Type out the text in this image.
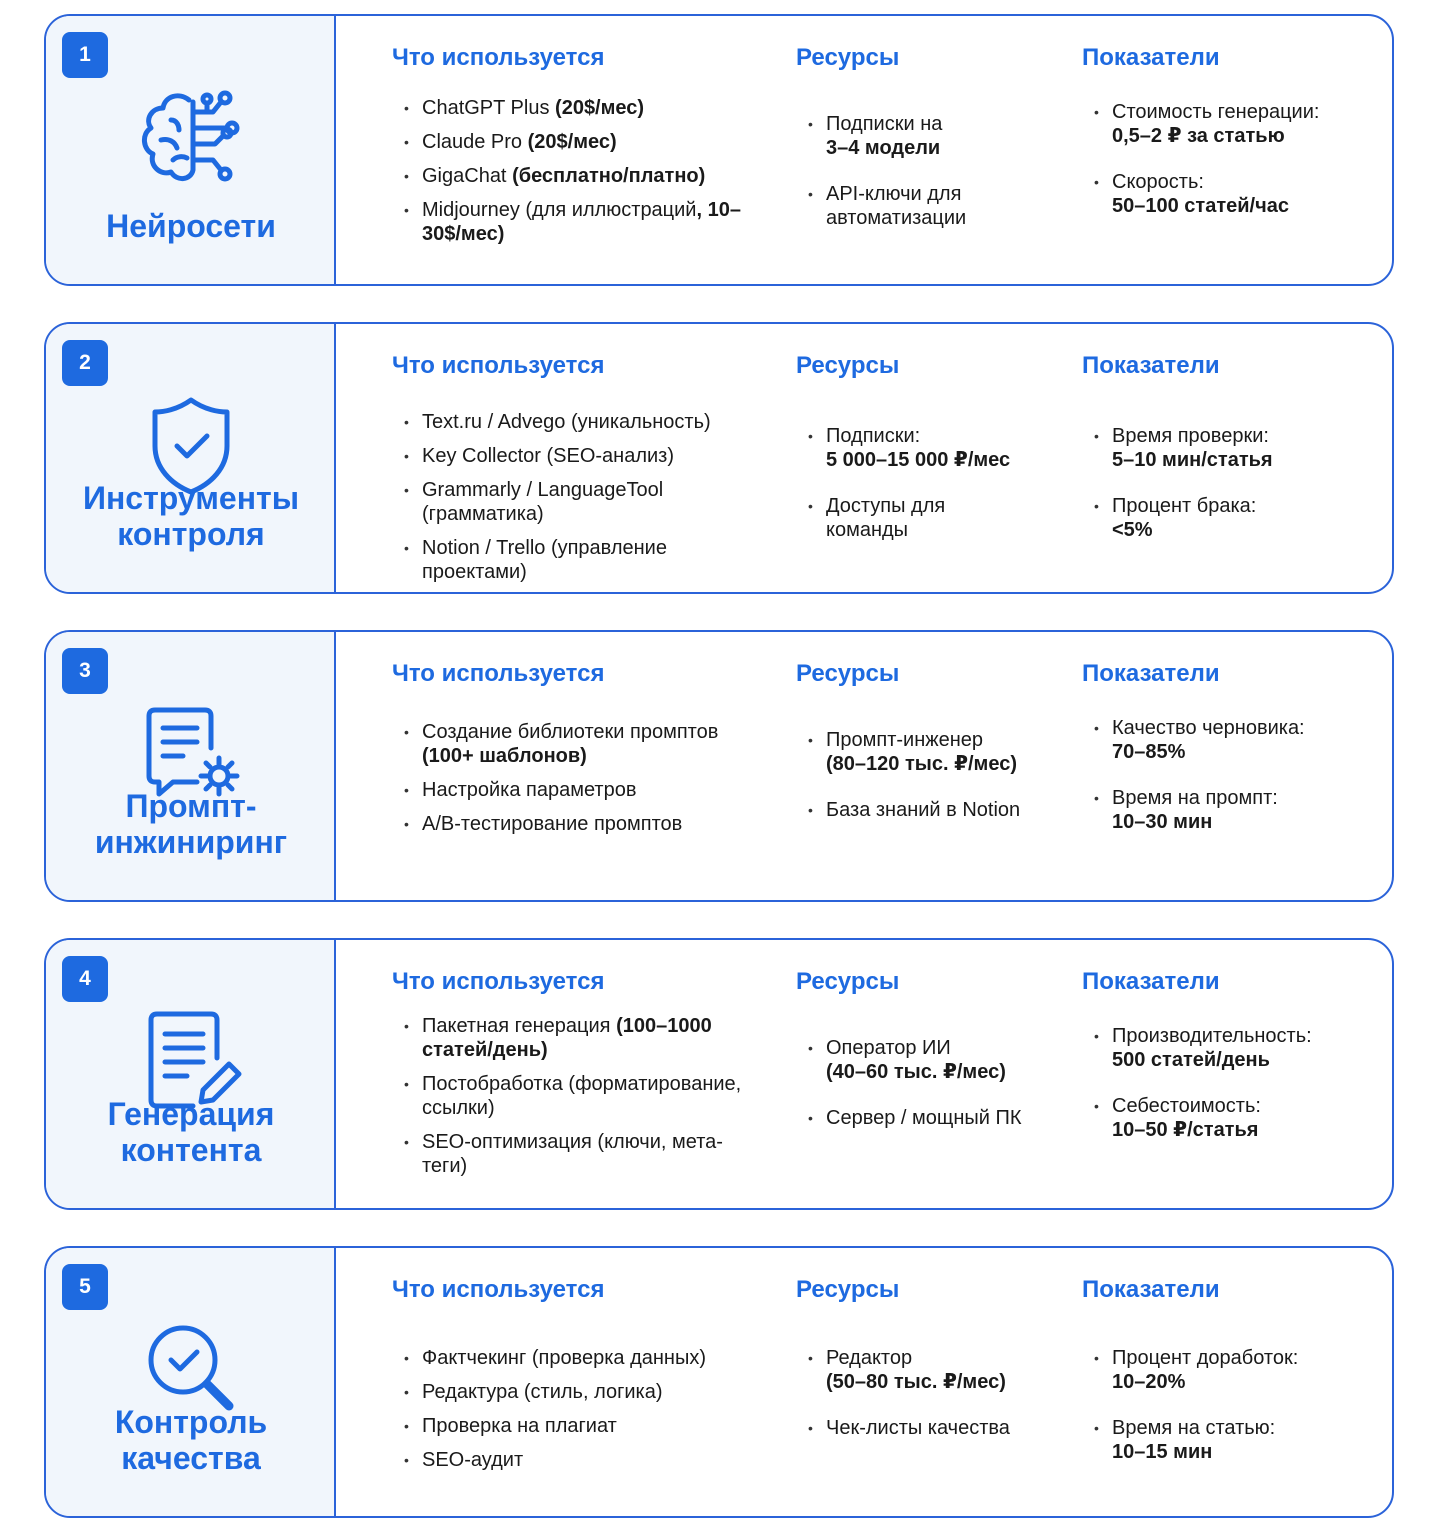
1
Нейросети
Что используется
• ChatGPT Plus (20$/мес)
• Claude Pro (20$/мес)
• GigaChat (бесплатно/платно)
• Midjourney (для иллюстраций, 10–30$/мес)
Ресурсы
• Подписки на
3–4 модели
• API-ключи для автоматизации
Показатели
• Стоимость генерации:
0,5–2 ₽ за статью
• Скорость:
50–100 статей/час
2
Инструменты
контроля
Что используется
• Text.ru / Advego (уникальность)
• Key Collector (SEO-анализ)
• Grammarly / LanguageTool (грамматика)
• Notion / Trello (управление проектами)
Ресурсы
• Подписки:
5 000–15 000 ₽/мес
• Доступы для команды
Показатели
• Время проверки:
5–10 мин/статья
• Процент брака:
<5%
3
Промпт-
инжиниринг
Что используется
• Создание библиотеки промптов (100+ шаблонов)
• Настройка параметров
• A/B-тестирование промптов
Ресурсы
• Промпт-инженер
(80–120 тыс. ₽/мес)
• База знаний в Notion
Показатели
• Качество черновика:
70–85%
• Время на промпт:
10–30 мин
4
Генерация
контента
Что используется
• Пакетная генерация (100–1000 статей/день)
• Постобработка (форматирование, ссылки)
• SEO-оптимизация (ключи, мета-теги)
Ресурсы
• Оператор ИИ
(40–60 тыс. ₽/мес)
• Сервер / мощный ПК
Показатели
• Производительность:
500 статей/день
• Себестоимость:
10–50 ₽/статья
5
Контроль
качества
Что используется
• Фактчекинг (проверка данных)
• Редактура (стиль, логика)
• Проверка на плагиат
• SEO-аудит
Ресурсы
• Редактор
(50–80 тыс. ₽/мес)
• Чек-листы качества
Показатели
• Процент доработок:
10–20%
• Время на статью:
10–15 мин
